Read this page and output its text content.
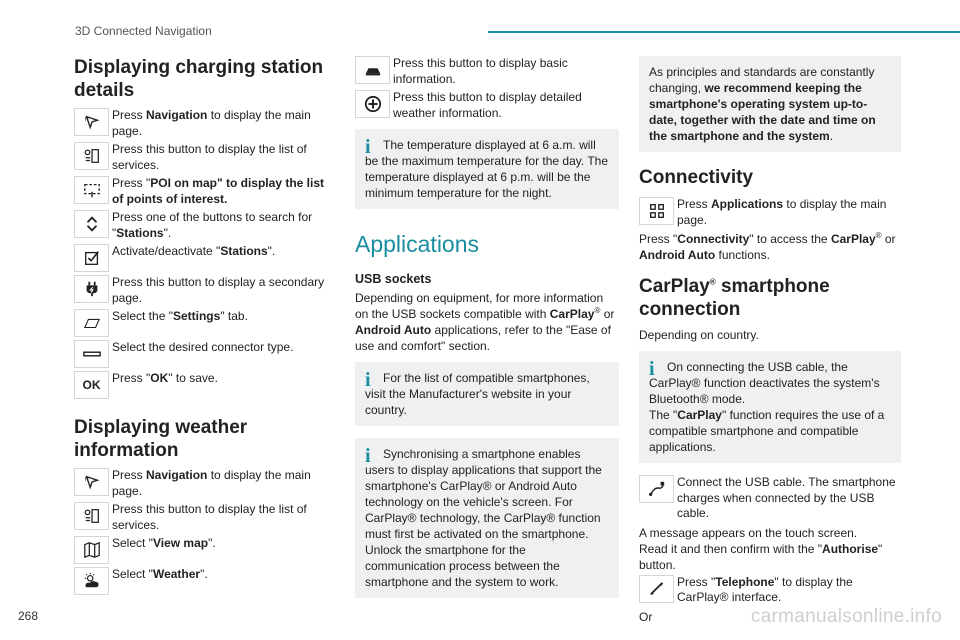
3D Connected Navigation
Displaying charging station details
N Press Navigation to display the main page.
Press this button to display the list of services.
Press "POI on map" to display the list of points of interest.
Press one of the buttons to search for "Stations".
Activate/deactivate "Stations".
Press this button to display a secondary page.
Select the "Settings" tab.
Select the desired connector type.
OK Press "OK" to save.
Displaying weather information
N Press Navigation to display the main page.
Press this button to display the list of services.
Select "View map".
Select "Weather".
Press this button to display basic information.
Press this button to display detailed weather information.
i	The temperature displayed at 6 a.m. will be the maximum temperature for the day. The temperature displayed at 6 p.m. will be the minimum temperature for the night.
Applications
USB sockets

Depending on equipment, for more information on the USB sockets compatible with CarPlay® or Android Auto applications, refer to the "Ease of use and comfort" section.

i	For the list of compatible smartphones, visit the Manufacturer's website in your country.
i	Synchronising a smartphone enables users to display applications that support the smartphone's CarPlay® or Android Auto technology on the vehicle's screen. For CarPlay® technology, the CarPlay® function must first be activated on the smartphone. Unlock the smartphone for the communication process between the smartphone and the system to work.
As principles and standards are constantly changing, we recommend keeping the smartphone's operating system up-to-date, together with the date and time on the smartphone and the system.
Connectivity
Press Applications to display the main page.

Press "Connectivity" to access the CarPlay® or Android Auto functions.

CarPlay® smartphone connection

Depending on country.

i	On connecting the USB cable, the CarPlay® function deactivates the system's Bluetooth® mode.
The "CarPlay" function requires the use of a compatible smartphone and compatible applications.
Connect the USB cable. The smartphone charges when connected by the USB cable.

A message appears on the touch screen.

Read it and then confirm with the "Authorise" button.

Press "Telephone" to display the CarPlay® interface.

Or

268	carmanualsonline.info
